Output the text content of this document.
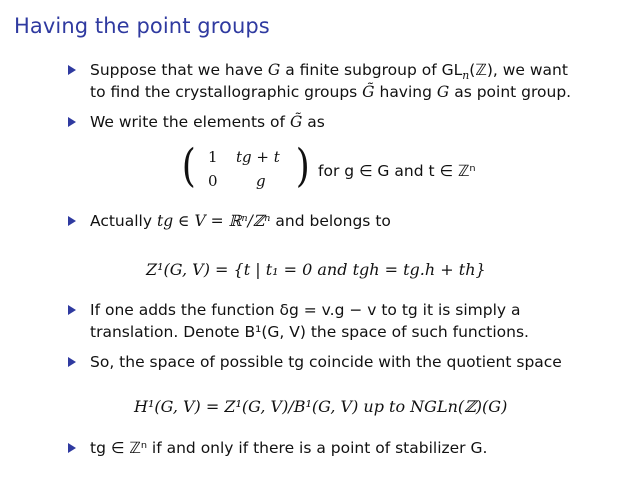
Having the point groups
Suppose that we have G a finite subgroup of $GL_n(ℤ)$, we want
to find the crystallographic groups G̃ having G as point group.
We write the elements of G̃ as
( 1 tg + t
0	g ) for g ∈ G and t ∈ ℤⁿ
Actually tg ∈ V = ℝⁿ/ℤⁿ and belongs to
Z¹(G, V) = {t | t₁ = 0 and tgh = tg.h + th}
If one adds the function δg = v.g − v to tg it is simply a
translation. Denote B¹(G, V) the space of such functions.
So, the space of possible tg coincide with the quotient space
H¹(G, V) = Z¹(G, V)/B¹(G, V) up to NGLn(ℤ)(G)
tg ∈ ℤⁿ if and only if there is a point of stabilizer G.
